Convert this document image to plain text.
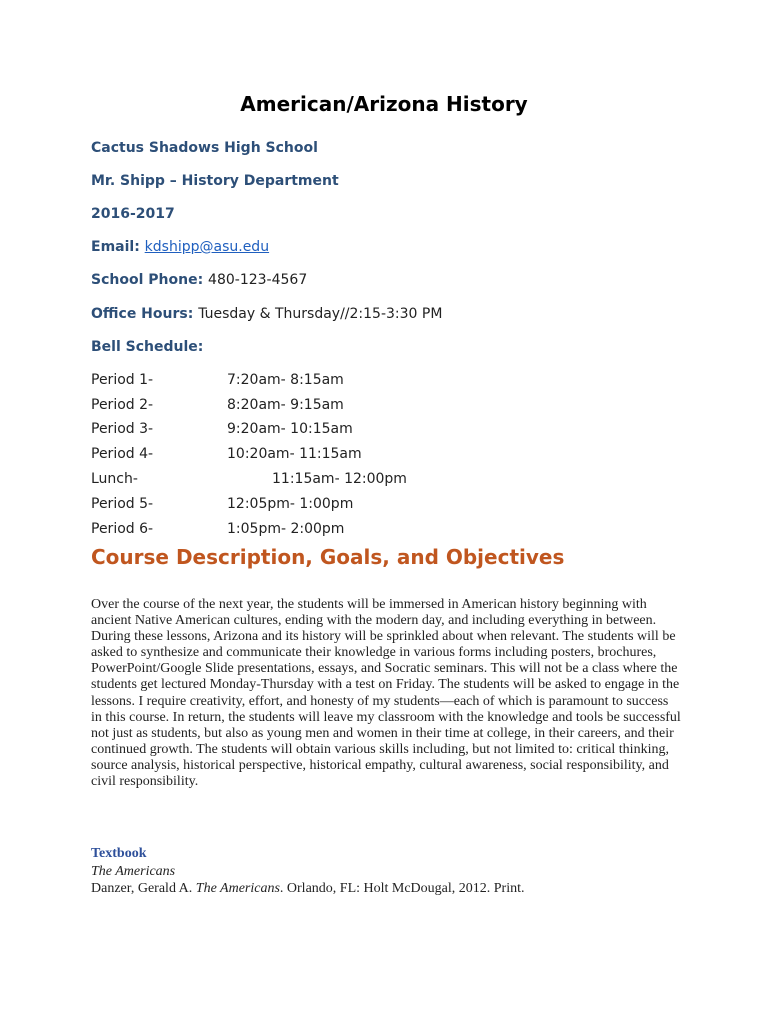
American/Arizona History
Cactus Shadows High School
Mr. Shipp – History Department
2016-2017
Email: kdshipp@asu.edu
School Phone: 480-123-4567
Office Hours: Tuesday & Thursday//2:15-3:30 PM
Bell Schedule:
Period 1-	7:20am- 8:15am
Period 2-	8:20am- 9:15am
Period 3-	9:20am- 10:15am
Period 4-	10:20am- 11:15am
Lunch-	11:15am- 12:00pm
Period 5-	12:05pm- 1:00pm
Period 6-	1:05pm- 2:00pm
Course Description, Goals, and Objectives
Over the course of the next year, the students will be immersed in American history beginning with ancient Native American cultures, ending with the modern day, and including everything in between. During these lessons, Arizona and its history will be sprinkled about when relevant. The students will be asked to synthesize and communicate their knowledge in various forms including posters, brochures, PowerPoint/Google Slide presentations, essays, and Socratic seminars. This will not be a class where the students get lectured Monday-Thursday with a test on Friday. The students will be asked to engage in the lessons. I require creativity, effort, and honesty of my students—each of which is paramount to success in this course. In return, the students will leave my classroom with the knowledge and tools be successful not just as students, but also as young men and women in their time at college, in their careers, and their continued growth. The students will obtain various skills including, but not limited to: critical thinking, source analysis, historical perspective, historical empathy, cultural awareness, social responsibility, and civil responsibility.
Textbook
The Americans
Danzer, Gerald A. The Americans. Orlando, FL: Holt McDougal, 2012. Print.
